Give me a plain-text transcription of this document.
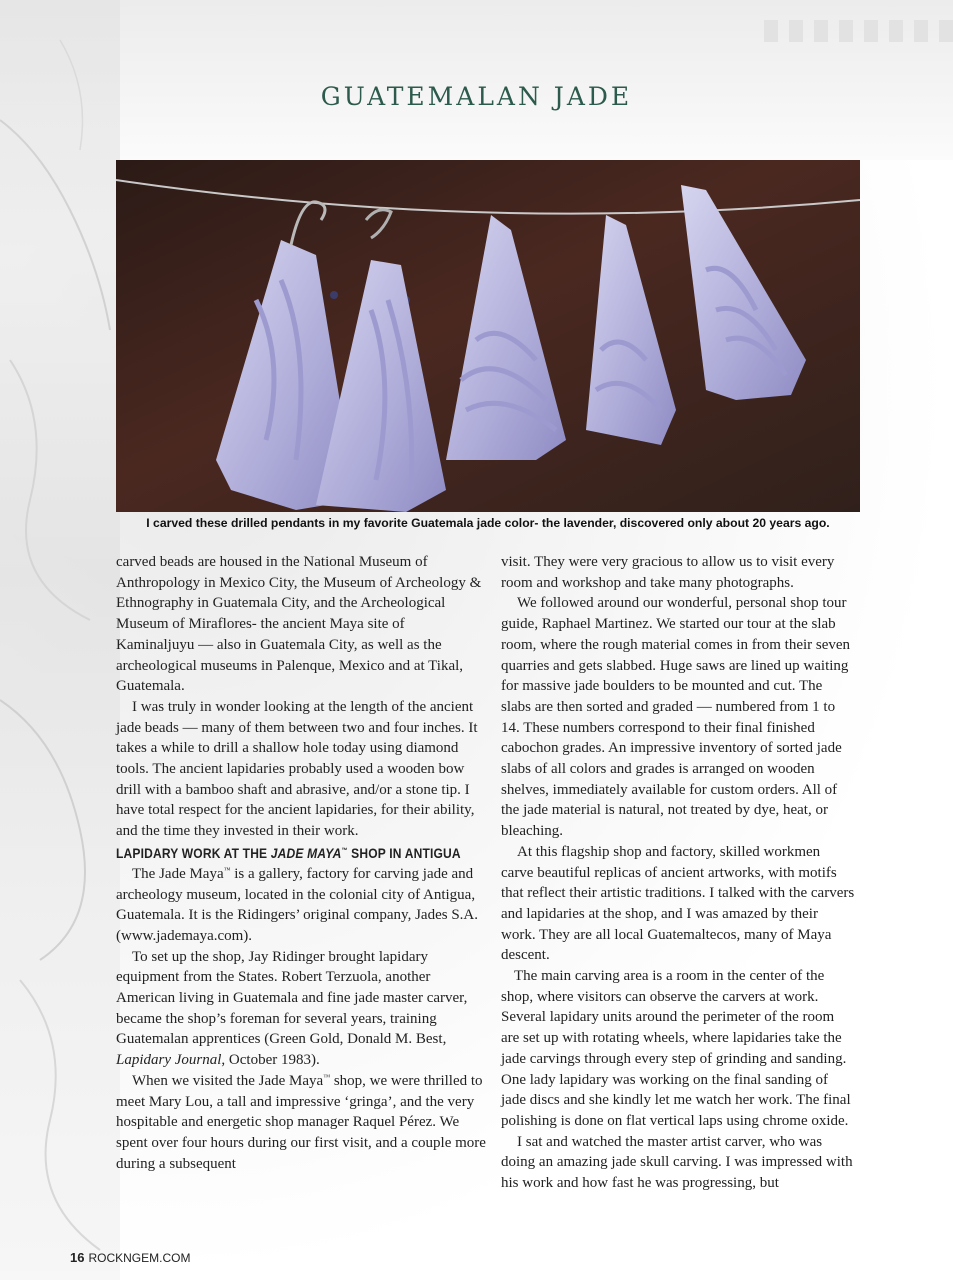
GUATEMALAN JADE
I carved these drilled pendants in my favorite Guatemala jade color- the lavender, discovered only about 20 years ago.

carved beads are housed in the National Museum of Anthropology in Mexico City, the Museum of Archeology & Ethnography in Guatemala City, and the Archeological Museum of Miraflores- the ancient Maya site of Kaminaljuyu — also in Guatemala City, as well as the archeological museums in Palenque, Mexico and at Tikal, Guatemala.

I was truly in wonder looking at the length of the ancient jade beads — many of them between two and four inches. It takes a while to drill a shallow hole today using diamond tools. The ancient lapidaries probably used a wooden bow drill with a bamboo shaft and abrasive, and/or a stone tip. I have total respect for the ancient lapidaries, for their ability, and the time they invested in their work.

LAPIDARY WORK AT THE JADE MAYA™ SHOP IN ANTIGUA

The Jade Maya™ is a gallery, factory for carving jade and archeology museum, located in the colonial city of Antigua, Guatemala. It is the Ridingers’ original company, Jades S.A. (www.jademaya.com).

To set up the shop, Jay Ridinger brought lapidary equipment from the States. Robert Terzuola, another American living in Guatemala and fine jade master carver, became the shop’s foreman for several years, training Guatemalan apprentices (Green Gold, Donald M. Best, Lapidary Journal, October 1983).

When we visited the Jade Maya™ shop, we were thrilled to meet Mary Lou, a tall and impressive ‘gringa’, and the very hospitable and energetic shop manager Raquel Pérez. We spent over four hours during our first visit, and a couple more during a subsequent

visit. They were very gracious to allow us to visit every room and workshop and take many photographs.

We followed around our wonderful, personal shop tour guide, Raphael Martinez. We started our tour at the slab room, where the rough material comes in from their seven quarries and gets slabbed. Huge saws are lined up waiting for massive jade boulders to be mounted and cut. The slabs are then sorted and graded — numbered from 1 to 14. These numbers correspond to their final finished cabochon grades. An impressive inventory of sorted jade slabs of all colors and grades is arranged on wooden shelves, immediately available for custom orders. All of the jade material is natural, not treated by dye, heat, or bleaching.

At this flagship shop and factory, skilled workmen carve beautiful replicas of ancient artworks, with motifs that reflect their artistic traditions. I talked with the carvers and lapidaries at the shop, and I was amazed by their work. They are all local Guatemaltecos, many of Maya descent.

The main carving area is a room in the center of the shop, where visitors can observe the carvers at work. Several lapidary units around the perimeter of the room are set up with rotating wheels, where lapidaries take the jade carvings through every step of grinding and sanding. One lady lapidary was working on the final sanding of jade discs and she kindly let me watch her work. The final polishing is done on flat vertical laps using chrome oxide.

I sat and watched the master artist carver, who was doing an amazing jade skull carving. I was impressed with his work and how fast he was progressing, but

16 ROCKNGEM.COM
